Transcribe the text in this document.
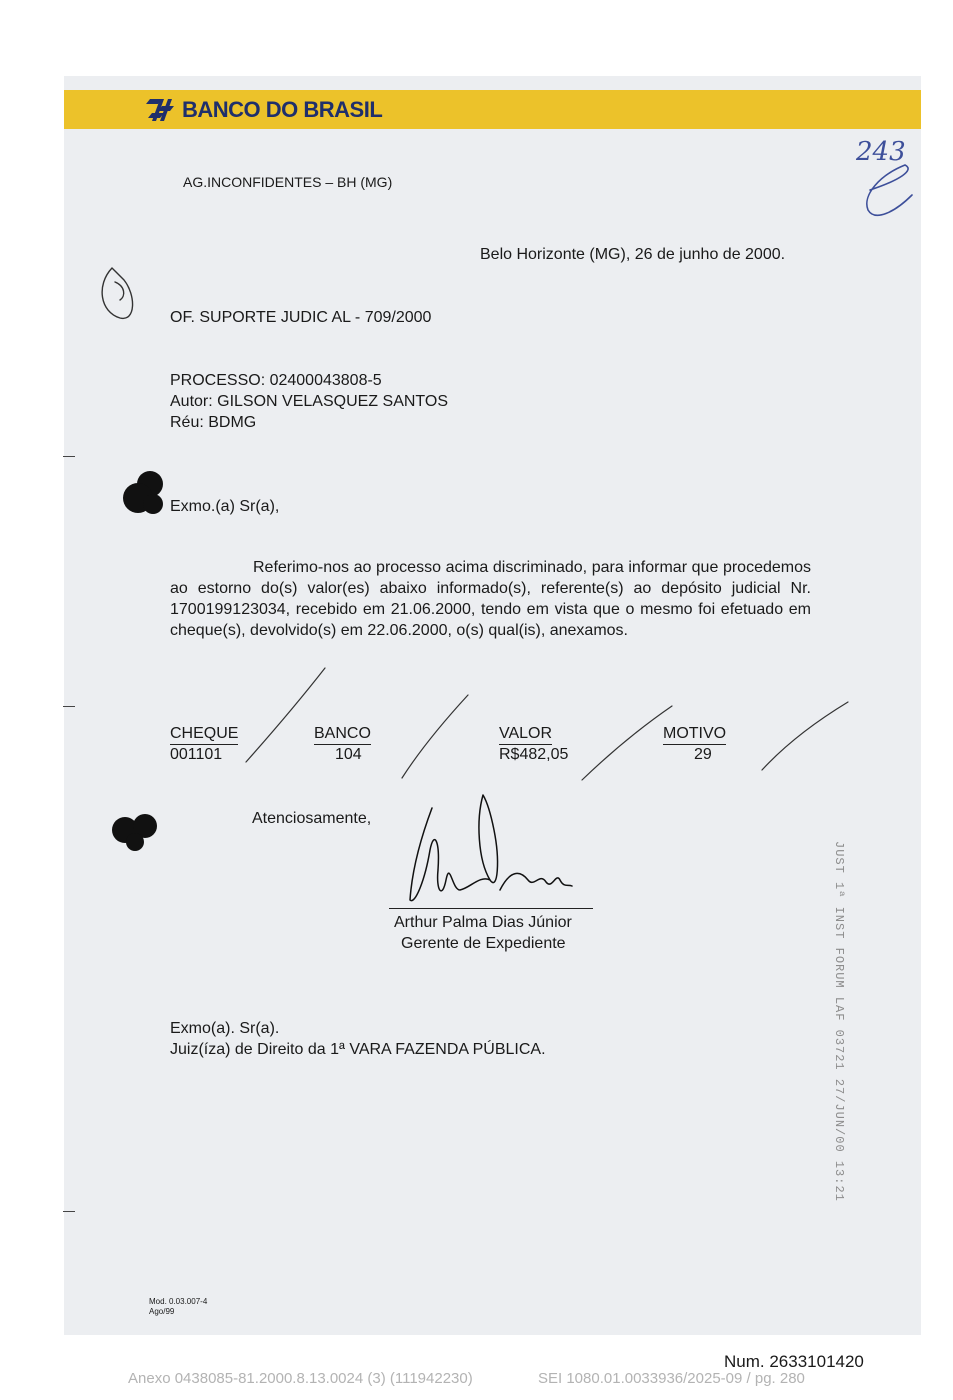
BANCO DO BRASIL
AG.INCONFIDENTES – BH (MG)
243
Belo Horizonte (MG), 26 de junho de 2000.
OF. SUPORTE JUDIC AL - 709/2000
PROCESSO: 02400043808-5
Autor: GILSON VELASQUEZ SANTOS
Réu: BDMG
Exmo.(a) Sr(a),

Referimo-nos ao processo acima discriminado, para informar que procedemos ao estorno do(s) valor(es) abaixo informado(s), referente(s) ao depósito judicial Nr. 1700199123034, recebido em 21.06.2000, tendo em vista que o mesmo foi efetuado em cheque(s), devolvido(s) em 22.06.2000, o(s) qual(is), anexamos.

CHEQUE	BANCO	VALOR	MOTIVO
001101	104	R$482,05	29
Atenciosamente,
Arthur Palma Dias Júnior
Gerente de Expediente
Exmo(a). Sr(a).
Juiz(íza) de Direito da 1ª VARA FAZENDA PÚBLICA.	JUST 1ª INST FORUM LAF 03721 27/JUN/00 13:21
Mod. 0.03.007-4
Ago/99
Num. 2633101420
Anexo 0438085-81.2000.8.13.0024 (3) (111942230)	SEI 1080.01.0033936/2025-09 / pg. 280
